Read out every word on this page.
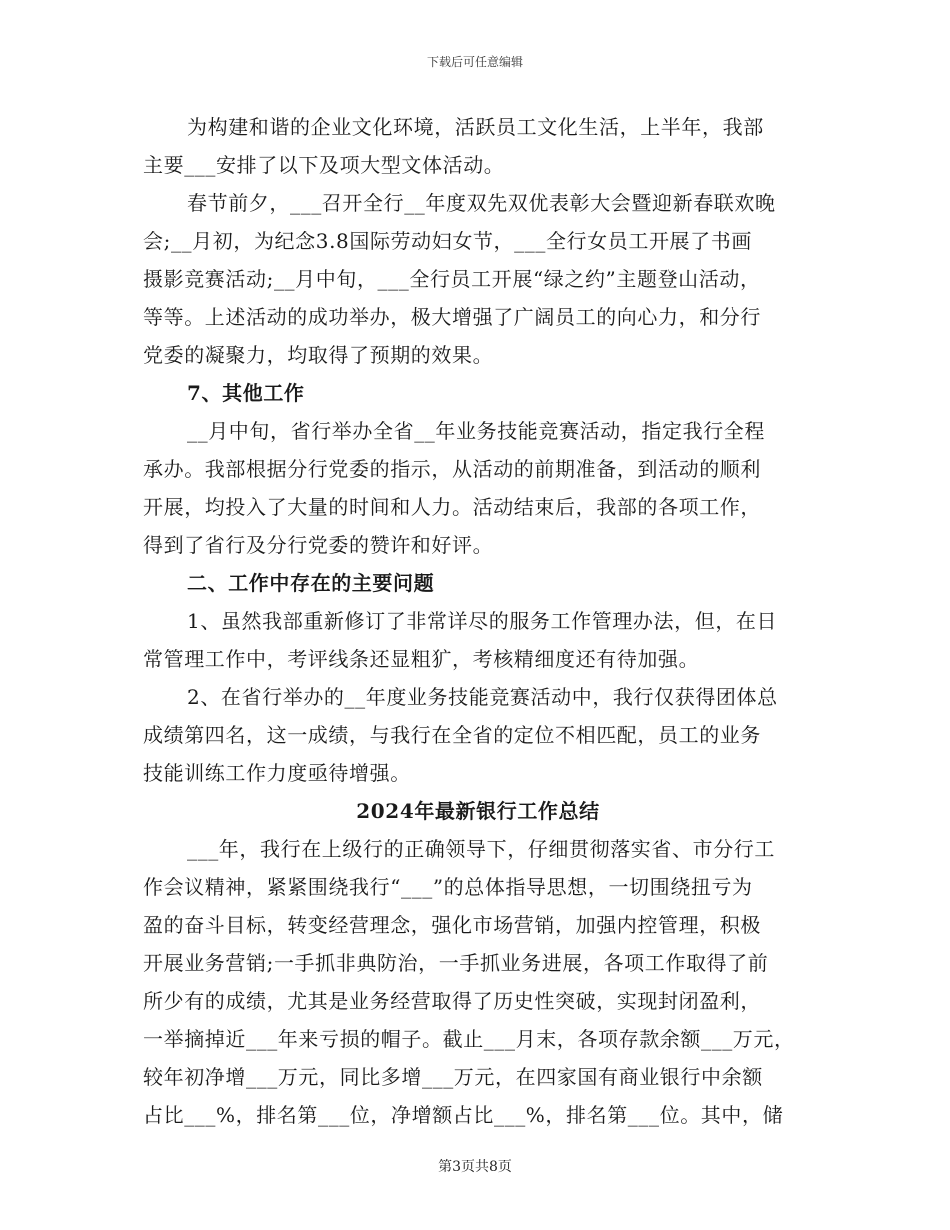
下载后可任意编辑
为构建和谐的企业文化环境，活跃员工文化生活，上半年，我部
主要___安排了以下及项大型文体活动。
春节前夕，___召开全行__年度双先双优表彰大会暨迎新春联欢晚
会;__月初，为纪念3.8国际劳动妇女节，___全行女员工开展了书画
摄影竞赛活动;__月中旬，___全行员工开展“绿之约”主题登山活动，
等等。上述活动的成功举办，极大增强了广阔员工的向心力，和分行
党委的凝聚力，均取得了预期的效果。
7、其他工作
__月中旬，省行举办全省__年业务技能竞赛活动，指定我行全程
承办。我部根据分行党委的指示，从活动的前期准备，到活动的顺利
开展，均投入了大量的时间和人力。活动结束后，我部的各项工作，
得到了省行及分行党委的赞许和好评。
二、工作中存在的主要问题
1、虽然我部重新修订了非常详尽的服务工作管理办法，但，在日
常管理工作中，考评线条还显粗犷，考核精细度还有待加强。
2、在省行举办的__年度业务技能竞赛活动中，我行仅获得团体总
成绩第四名，这一成绩，与我行在全省的定位不相匹配，员工的业务
技能训练工作力度亟待增强。
2024年最新银行工作总结
___年，我行在上级行的正确领导下，仔细贯彻落实省、市分行工
作会议精神，紧紧围绕我行“___”的总体指导思想，一切围绕扭亏为
盈的奋斗目标，转变经营理念，强化市场营销，加强内控管理，积极
开展业务营销;一手抓非典防治，一手抓业务进展，各项工作取得了前
所少有的成绩，尤其是业务经营取得了历史性突破，实现封闭盈利，
一举摘掉近___年来亏损的帽子。截止___月末，各项存款余额___万元，
较年初净增___万元，同比多增___万元，在四家国有商业银行中余额
占比___%，排名第___位，净增额占比___%，排名第___位。其中，储
第3页共8页
